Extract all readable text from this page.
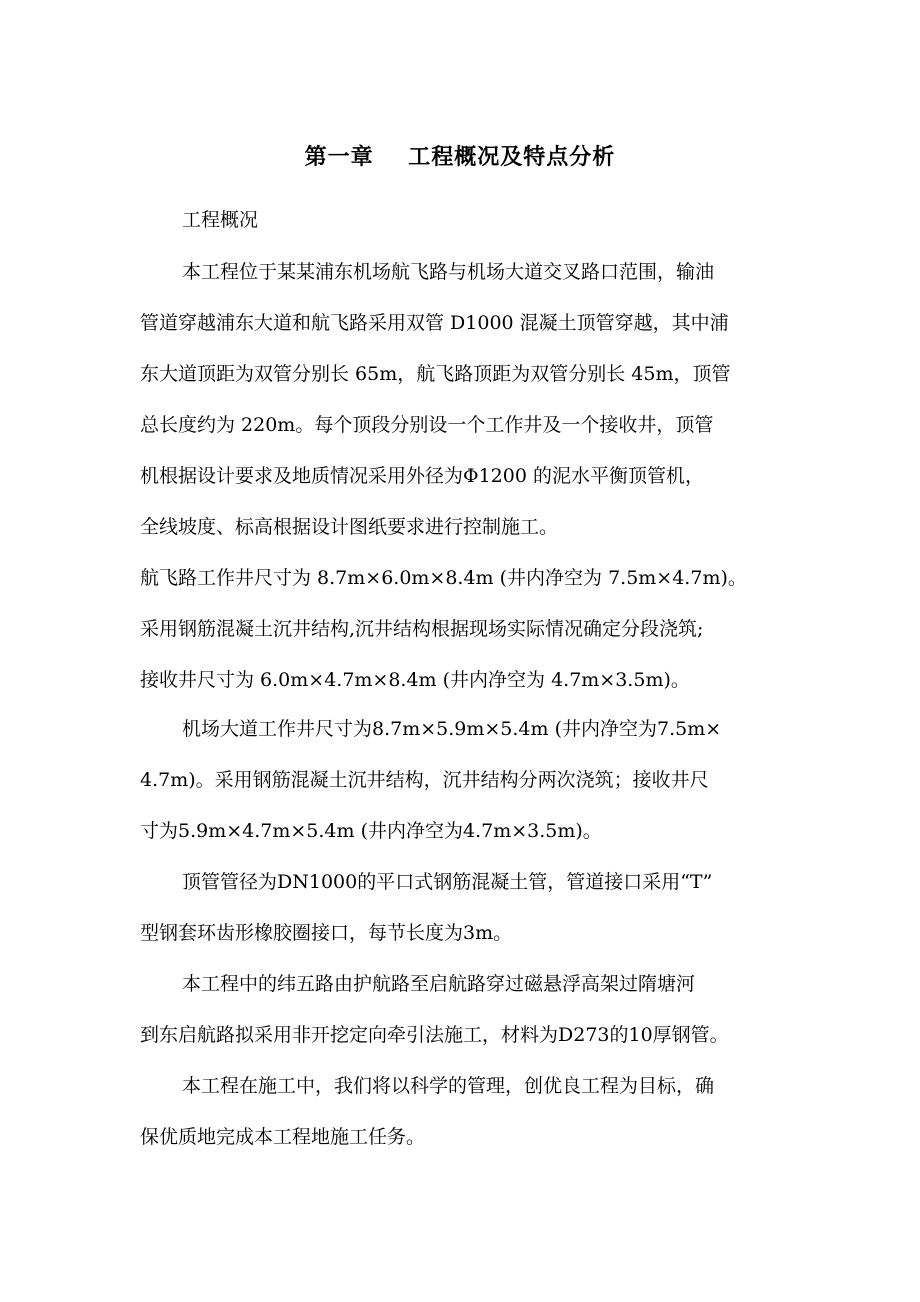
第一章    工程概况及特点分析
工程概况
本工程位于某某浦东机场航飞路与机场大道交叉路口范围，输油
管道穿越浦东大道和航飞路采用双管 D1000 混凝土顶管穿越，其中浦
东大道顶距为双管分别长 65m，航飞路顶距为双管分别长 45m，顶管
总长度约为 220m。每个顶段分别设一个工作井及一个接收井，顶管
机根据设计要求及地质情况采用外径为Φ1200 的泥水平衡顶管机，
全线坡度、标高根据设计图纸要求进行控制施工。
航飞路工作井尺寸为 8.7m×6.0m×8.4m (井内净空为 7.5m×4.7m)。
采用钢筋混凝土沉井结构,沉井结构根据现场实际情况确定分段浇筑;
接收井尺寸为 6.0m×4.7m×8.4m (井内净空为 4.7m×3.5m)。
机场大道工作井尺寸为8.7m×5.9m×5.4m (井内净空为7.5m×
4.7m)。采用钢筋混凝土沉井结构，沉井结构分两次浇筑；接收井尺
寸为5.9m×4.7m×5.4m (井内净空为4.7m×3.5m)。
顶管管径为DN1000的平口式钢筋混凝土管，管道接口采用“T”
型钢套环齿形橡胶圈接口，每节长度为3m。
本工程中的纬五路由护航路至启航路穿过磁悬浮高架过隋塘河
到东启航路拟采用非开挖定向牵引法施工，材料为D273的10厚钢管。
本工程在施工中，我们将以科学的管理，创优良工程为目标，确
保优质地完成本工程地施工任务。
